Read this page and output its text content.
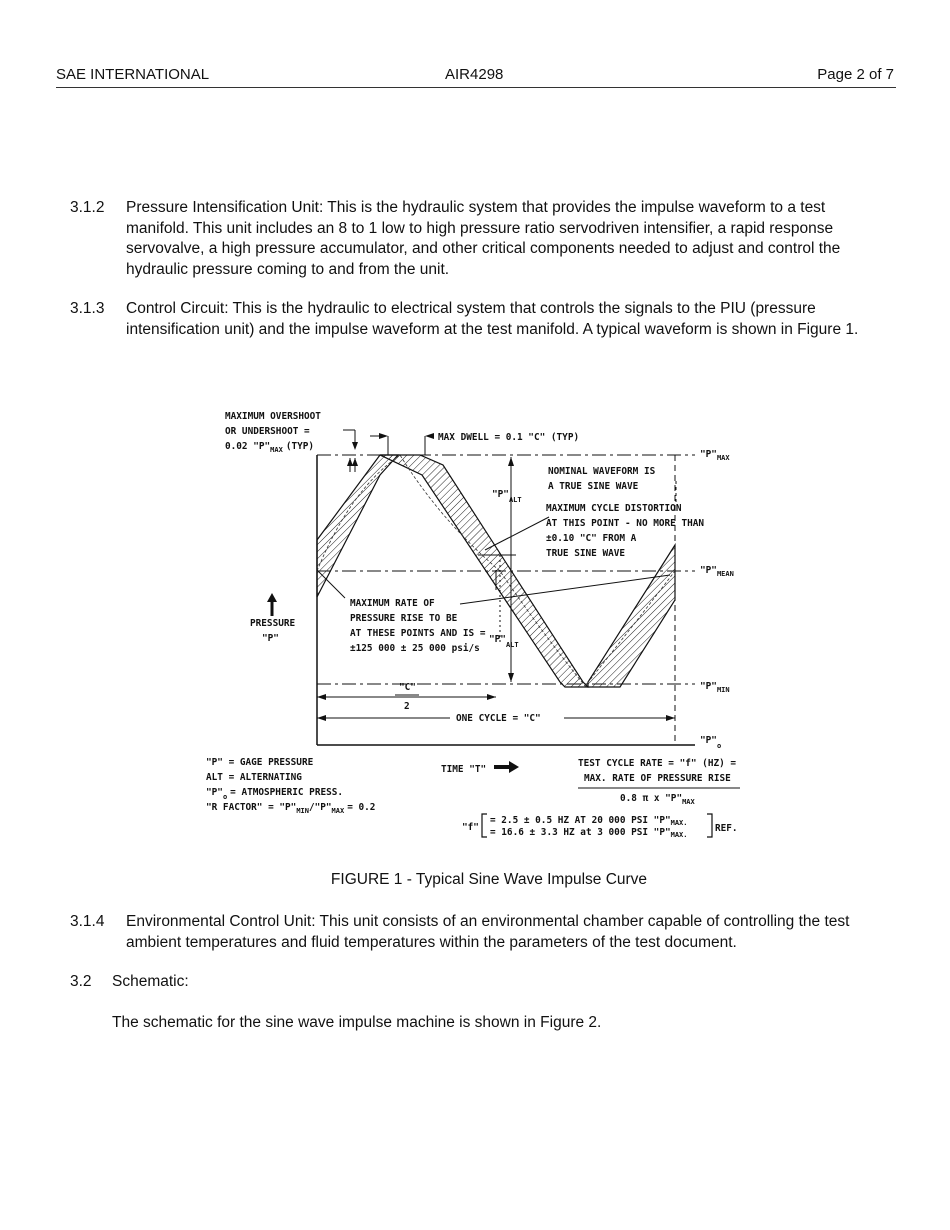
SAE INTERNATIONAL	AIR4298	Page 2 of 7
3.1.2 Pressure Intensification Unit: This is the hydraulic system that provides the impulse waveform to a test manifold. This unit includes an 8 to 1 low to high pressure ratio servodriven intensifier, a rapid response servovalve, a high pressure accumulator, and other critical components needed to adjust and control the hydraulic pressure coming to and from the unit.
3.1.3 Control Circuit: This is the hydraulic to electrical system that controls the signals to the PIU (pressure intensification unit) and the impulse waveform at the test manifold. A typical waveform is shown in Figure 1.
MAXIMUM OVERSHOOT
OR UNDERSHOOT =
0.02 "$P"_{MAX}$ (TYP)
MAX DWELL = 0.1 "C" (TYP)
"$P"_{MAX}$
"$P"_{MEAN}$
"$P"_{MIN}$
"$P"_o$
"$P"_{ALT}$
"$P"_{ALT}$
NOMINAL WAVEFORM IS
A TRUE SINE WAVE
MAXIMUM CYCLE DISTORTION
AT THIS POINT - NO MORE THAN
±0.10 "C" FROM A
TRUE SINE WAVE
PRESSURE
"P"
MAXIMUM RATE OF
PRESSURE RISE TO BE
AT THESE POINTS AND IS =
±125 000 ± 25 000 psi/s
"C"
2
ONE CYCLE = "C"
"P" = GAGE PRESSURE
ALT = ALTERNATING
"$P"_o$ = ATMOSPHERIC PRESS.
"R FACTOR" = "$P"_{MIN}/"P"_{MAX} = 0.2$
TIME "T"
TEST CYCLE RATE = "f" (HZ) =
MAX. RATE OF PRESSURE RISE
0.8 π x "$P"_{MAX}$
"f"
= 2.5 ± 0.5 HZ AT 20 000 PSI "$P"_{MAX.}$
= 16.6 ± 3.3 HZ at 3 000 PSI "$P"_{MAX.}$
REF.
FIGURE 1 - Typical Sine Wave Impulse Curve
3.1.4 Environmental Control Unit: This unit consists of an environmental chamber capable of controlling the test ambient temperatures and fluid temperatures within the parameters of the test document.
3.2 Schematic:
The schematic for the sine wave impulse machine is shown in Figure 2.
